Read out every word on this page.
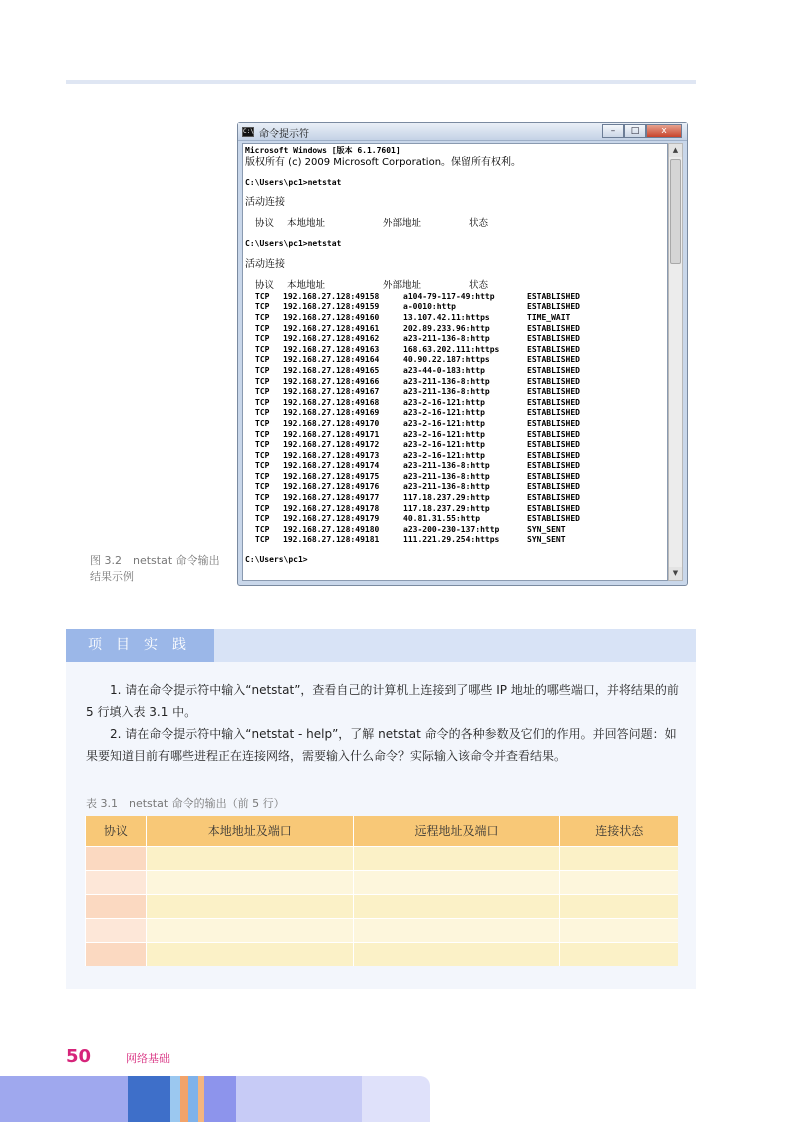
C:\ 命令提示符	–	□	x
Microsoft Windows [版本 6.1.7601]
版权所有 (c) 2009 Microsoft Corporation。保留所有权利。
C:\Users\pc1>netstat
活动连接
协议	本地地址	外部地址	状态
C:\Users\pc1>netstat
活动连接
协议	本地地址	外部地址	状态
TCP	192.168.27.128:49158	a104-79-117-49:http	ESTABLISHED
TCP	192.168.27.128:49159	a-0010:http	ESTABLISHED
TCP	192.168.27.128:49160	13.107.42.11:https	TIME_WAIT
TCP	192.168.27.128:49161	202.89.233.96:http	ESTABLISHED
TCP	192.168.27.128:49162	a23-211-136-8:http	ESTABLISHED
TCP	192.168.27.128:49163	168.63.202.111:https	ESTABLISHED
TCP	192.168.27.128:49164	40.90.22.187:https	ESTABLISHED
TCP	192.168.27.128:49165	a23-44-0-183:http	ESTABLISHED
TCP	192.168.27.128:49166	a23-211-136-8:http	ESTABLISHED
TCP	192.168.27.128:49167	a23-211-136-8:http	ESTABLISHED
TCP	192.168.27.128:49168	a23-2-16-121:http	ESTABLISHED
TCP	192.168.27.128:49169	a23-2-16-121:http	ESTABLISHED
TCP	192.168.27.128:49170	a23-2-16-121:http	ESTABLISHED
TCP	192.168.27.128:49171	a23-2-16-121:http	ESTABLISHED
TCP	192.168.27.128:49172	a23-2-16-121:http	ESTABLISHED
TCP	192.168.27.128:49173	a23-2-16-121:http	ESTABLISHED
TCP	192.168.27.128:49174	a23-211-136-8:http	ESTABLISHED
TCP	192.168.27.128:49175	a23-211-136-8:http	ESTABLISHED
TCP	192.168.27.128:49176	a23-211-136-8:http	ESTABLISHED
TCP	192.168.27.128:49177	117.18.237.29:http	ESTABLISHED
TCP	192.168.27.128:49178	117.18.237.29:http	ESTABLISHED
TCP	192.168.27.128:49179	40.81.31.55:http	ESTABLISHED
TCP	192.168.27.128:49180	a23-200-230-137:http	SYN_SENT
TCP	192.168.27.128:49181	111.221.29.254:https	SYN_SENT
C:\Users\pc1>
▲
▼
图 3.2　netstat 命令输出结果示例
项目实践
1. 请在命令提示符中输入“netstat”，查看自己的计算机上连接到了哪些 IP 地址的哪些端口，并将结果的前 5 行填入表 3.1 中。
2. 请在命令提示符中输入“netstat - help”，了解 netstat 命令的各种参数及它们的作用。并回答问题：如果要知道目前有哪些进程正在连接网络，需要输入什么命令？实际输入该命令并查看结果。
表 3.1　netstat 命令的输出（前 5 行）
协议	本地地址及端口	远程地址及端口	连接状态

50	网络基础
